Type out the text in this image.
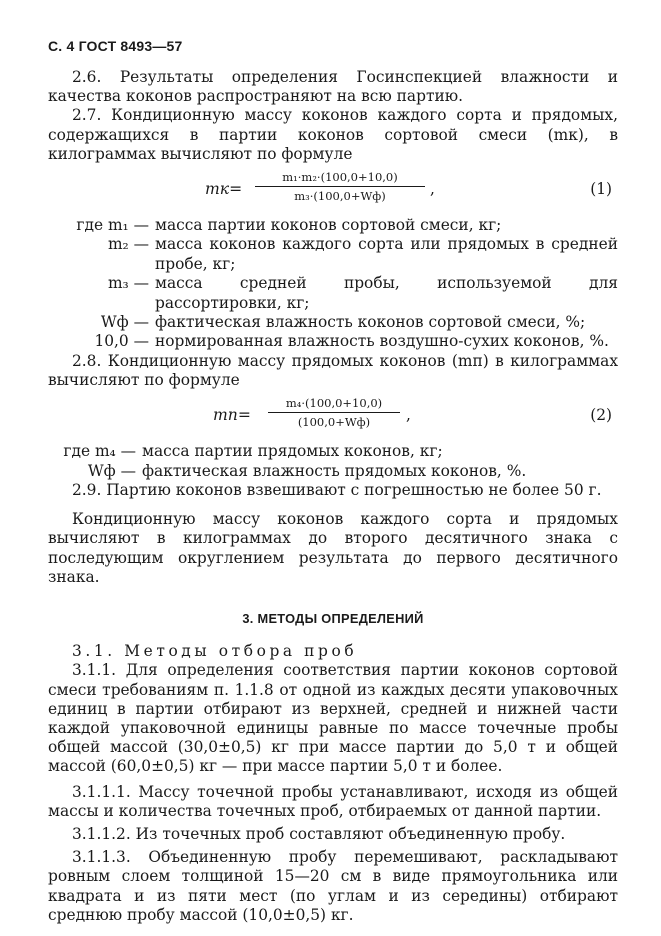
С. 4 ГОСТ 8493—57

2.6. Результаты определения Госинспекцией влажности и качества коконов распространяют на всю партию.

2.7. Кондиционную массу коконов каждого сорта и прядомых, содержащихся в партии коконов сортовой смеси (mк), в килограммах вычисляют по формуле

mк=
m₁·m₂·(100,0+10,0)
m₃·(100,0+Wф)	,	(1)
где m₁ — масса партии коконов сортовой смеси, кг;
m₂ — масса коконов каждого сорта или прядомых в средней пробе, кг;
m₃ — масса средней пробы, используемой для рассортировки, кг;
Wф — фактическая влажность коконов сортовой смеси, %;
10,0 — нормированная влажность воздушно-сухих коконов, %.

2.8. Кондиционную массу прядомых коконов (mп) в килограммах вычисляют по формуле

mп=
m₄·(100,0+10,0)
(100,0+Wф)	,	(2)
где m₄ — масса партии прядомых коконов, кг;
Wф — фактическая влажность прядомых коконов, %.

2.9. Партию коконов взвешивают с погрешностью не более 50 г.

Кондиционную массу коконов каждого сорта и прядомых вычисляют в килограммах до второго десятичного знака с последующим округлением результата до первого десятичного знака.

3. МЕТОДЫ ОПРЕДЕЛЕНИЙ

3.1. Методы отбора проб

3.1.1. Для определения соответствия партии коконов сортовой смеси требованиям п. 1.1.8 от одной из каждых десяти упаковочных единиц в партии отбирают из верхней, средней и нижней части каждой упаковочной единицы равные по массе точечные пробы общей массой (30,0±0,5) кг при массе партии до 5,0 т и общей массой (60,0±0,5) кг — при массе партии 5,0 т и более.

3.1.1.1. Массу точечной пробы устанавливают, исходя из общей массы и количества точечных проб, отбираемых от данной партии.

3.1.1.2. Из точечных проб составляют объединенную пробу.

3.1.1.3. Объединенную пробу перемешивают, раскладывают ровным слоем толщиной 15—20 см в виде прямоугольника или квадрата и из пяти мест (по углам и из середины) отбирают среднюю пробу массой (10,0±0,5) кг.
